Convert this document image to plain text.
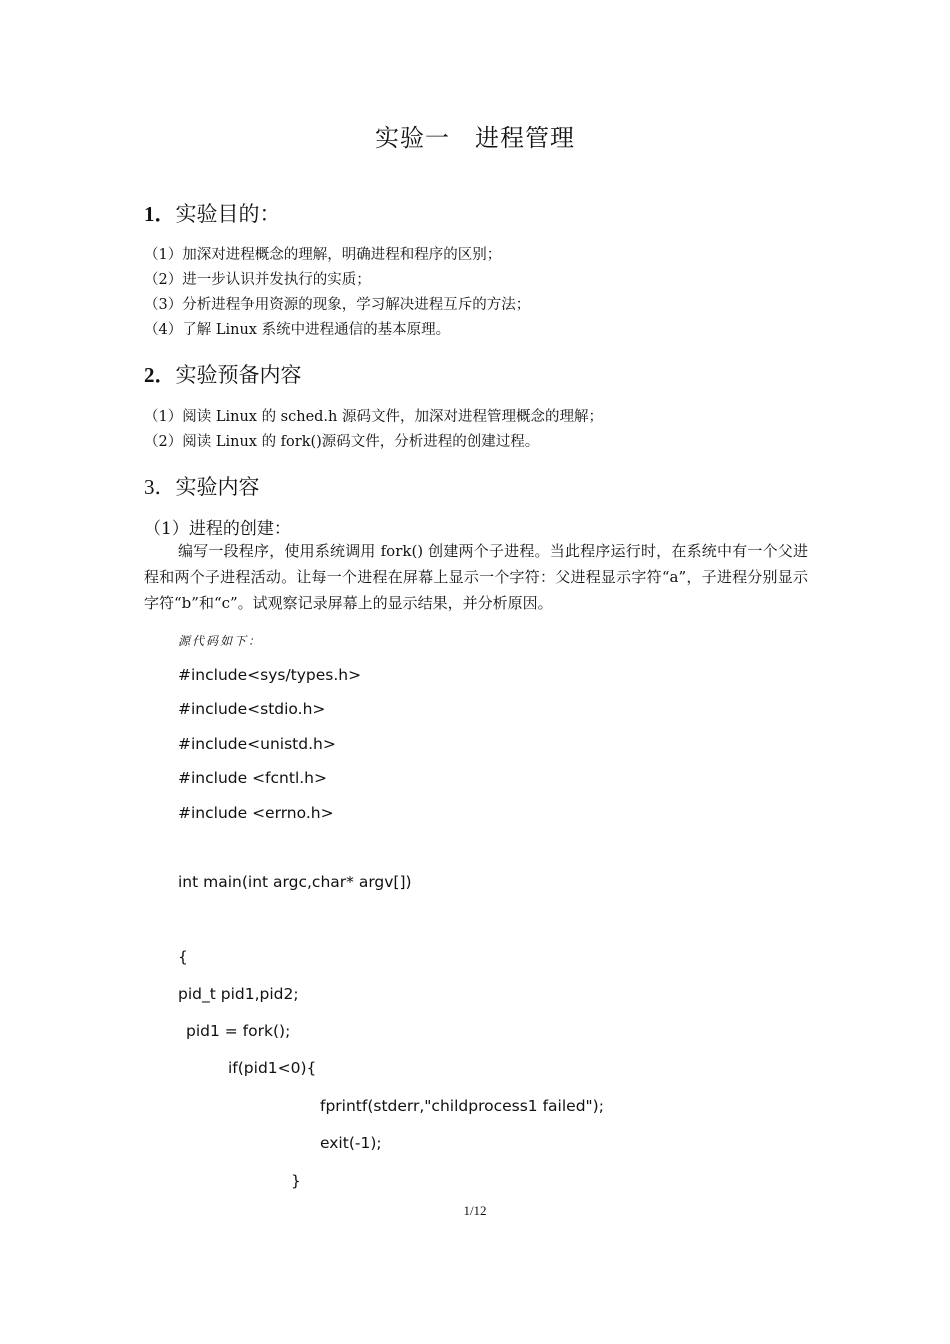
实验一　进程管理
1．实验目的：
（1）加深对进程概念的理解，明确进程和程序的区别；
（2）进一步认识并发执行的实质；
（3）分析进程争用资源的现象，学习解决进程互斥的方法；
（4）了解 Linux 系统中进程通信的基本原理。
2．实验预备内容
（1）阅读 Linux 的 sched.h 源码文件，加深对进程管理概念的理解；
（2）阅读 Linux 的 fork()源码文件，分析进程的创建过程。
3．实验内容
（1）进程的创建：
编写一段程序，使用系统调用 fork() 创建两个子进程。当此程序运行时，在系统中有一个父进程和两个子进程活动。让每一个进程在屏幕上显示一个字符：父进程显示字符“a”，子进程分别显示字符“b”和“c”。试观察记录屏幕上的显示结果，并分析原因。
源代码如下：
#include<sys/types.h>
#include<stdio.h>
#include<unistd.h>
#include <fcntl.h>
#include <errno.h>
int main(int argc,char* argv[])
{
pid_t pid1,pid2;
pid1 = fork();
if(pid1<0){
fprintf(stderr,"childprocess1 failed");
exit(-1);
}
1/12
